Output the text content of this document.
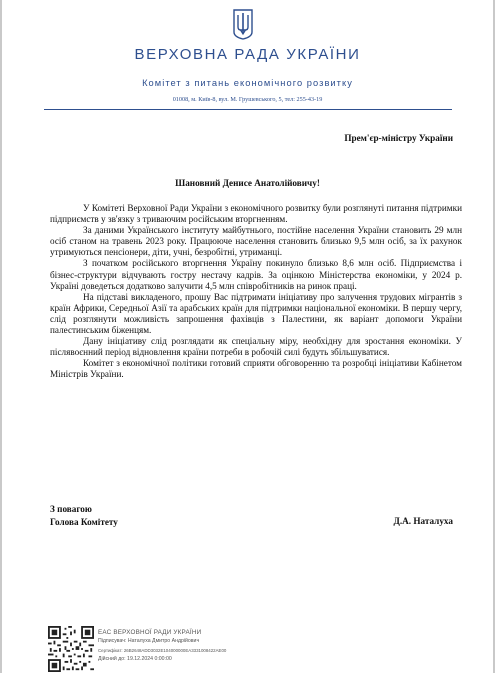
ВЕРХОВНА РАДА УКРАЇНИ
Комітет з питань економічного розвитку
01008, м. Київ-8, вул. М. Грушевського, 5, тел: 255-43-19
Прем'єр-міністру України
Шановний Денисе Анатолійовичу!

У Комітеті Верховної Ради України з економічного розвитку були розглянуті питання підтримки підприємств у зв'язку з триваючим російським вторгненням.

За даними Українського інституту майбутнього, постійне населення України становить 29 млн осіб станом на травень 2023 року. Працююче населення становить близько 9,5 млн осіб, за їх рахунок утримуються пенсіонери, діти, учні, безробітні, утриманці.

З початком російського вторгнення Україну покинуло близько 8,6 млн осіб. Підприємства і бізнес-структури відчувають гостру нестачу кадрів. За оцінкою Міністерства економіки, у 2024 р. Україні доведеться додатково залучити 4,5 млн співробітників на ринок праці.

На підставі викладеного, прошу Вас підтримати ініціативу про залучення трудових мігрантів з країн Африки, Середньої Азії та арабських країн для підтримки національної економіки. В першу чергу, слід розглянути можливість запрошення фахівців з Палестини, як варіант допомоги України палестинським біженцям.

Дану ініціативу слід розглядати як спеціальну міру, необхідну для зростання економіки. У післявоєнний період відновлення країни потреби в робочій силі будуть збільшуватися.

Комітет з економічної політики готовий сприяти обговоренню та розробці ініціативи Кабінетом Міністрів України.

З повагою
Голова Комітету	Д.А. Наталуха
ЕАС ВЕРХОВНОЇ РАДИ УКРАЇНИ
Підписувач: Наталуха Дмитро Андрійович
Сертифікат: 26B2648ADD3032E104000000EA3331008422AE00
Дійсний до: 19.12.2024 0:00:00
